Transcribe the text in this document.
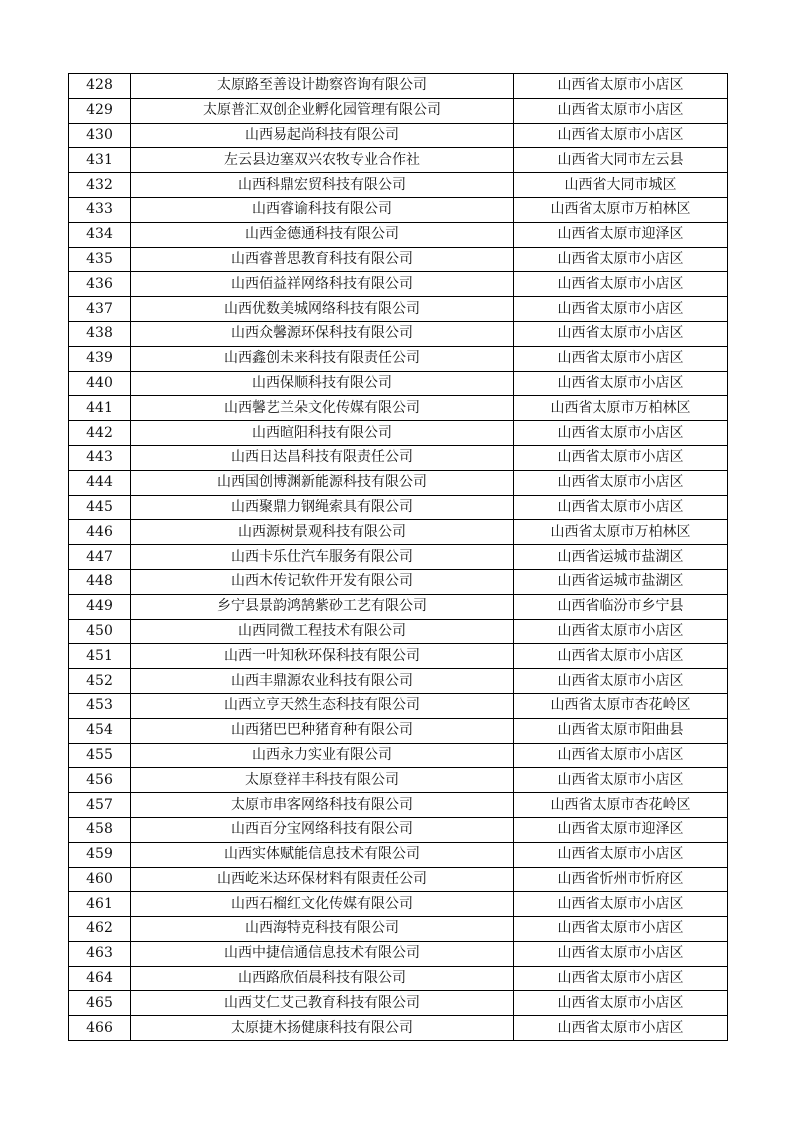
428	太原路至善设计勘察咨询有限公司	山西省太原市小店区
429	太原普汇双创企业孵化园管理有限公司	山西省太原市小店区
430	山西易起尚科技有限公司	山西省太原市小店区
431	左云县边塞双兴农牧专业合作社	山西省大同市左云县
432	山西科鼎宏贸科技有限公司	山西省大同市城区
433	山西睿谕科技有限公司	山西省太原市万柏林区
434	山西金德通科技有限公司	山西省太原市迎泽区
435	山西睿普思教育科技有限公司	山西省太原市小店区
436	山西佰益祥网络科技有限公司	山西省太原市小店区
437	山西优数美城网络科技有限公司	山西省太原市小店区
438	山西众馨源环保科技有限公司	山西省太原市小店区
439	山西鑫创未来科技有限责任公司	山西省太原市小店区
440	山西保顺科技有限公司	山西省太原市小店区
441	山西馨艺兰朵文化传媒有限公司	山西省太原市万柏林区
442	山西暄阳科技有限公司	山西省太原市小店区
443	山西日达昌科技有限责任公司	山西省太原市小店区
444	山西国创博渊新能源科技有限公司	山西省太原市小店区
445	山西聚鼎力钢绳索具有限公司	山西省太原市小店区
446	山西源树景观科技有限公司	山西省太原市万柏林区
447	山西卡乐仕汽车服务有限公司	山西省运城市盐湖区
448	山西木传记软件开发有限公司	山西省运城市盐湖区
449	乡宁县景韵鸿鹄紫砂工艺有限公司	山西省临汾市乡宁县
450	山西同微工程技术有限公司	山西省太原市小店区
451	山西一叶知秋环保科技有限公司	山西省太原市小店区
452	山西丰鼎源农业科技有限公司	山西省太原市小店区
453	山西立亨天然生态科技有限公司	山西省太原市杏花岭区
454	山西猪巴巴种猪育种有限公司	山西省太原市阳曲县
455	山西永力实业有限公司	山西省太原市小店区
456	太原登祥丰科技有限公司	山西省太原市小店区
457	太原市串客网络科技有限公司	山西省太原市杏花岭区
458	山西百分宝网络科技有限公司	山西省太原市迎泽区
459	山西实体赋能信息技术有限公司	山西省太原市小店区
460	山西屹米达环保材料有限责任公司	山西省忻州市忻府区
461	山西石榴红文化传媒有限公司	山西省太原市小店区
462	山西海特克科技有限公司	山西省太原市小店区
463	山西中捷信通信息技术有限公司	山西省太原市小店区
464	山西路欣佰晨科技有限公司	山西省太原市小店区
465	山西艾仁艾己教育科技有限公司	山西省太原市小店区
466	太原捷木扬健康科技有限公司	山西省太原市小店区
